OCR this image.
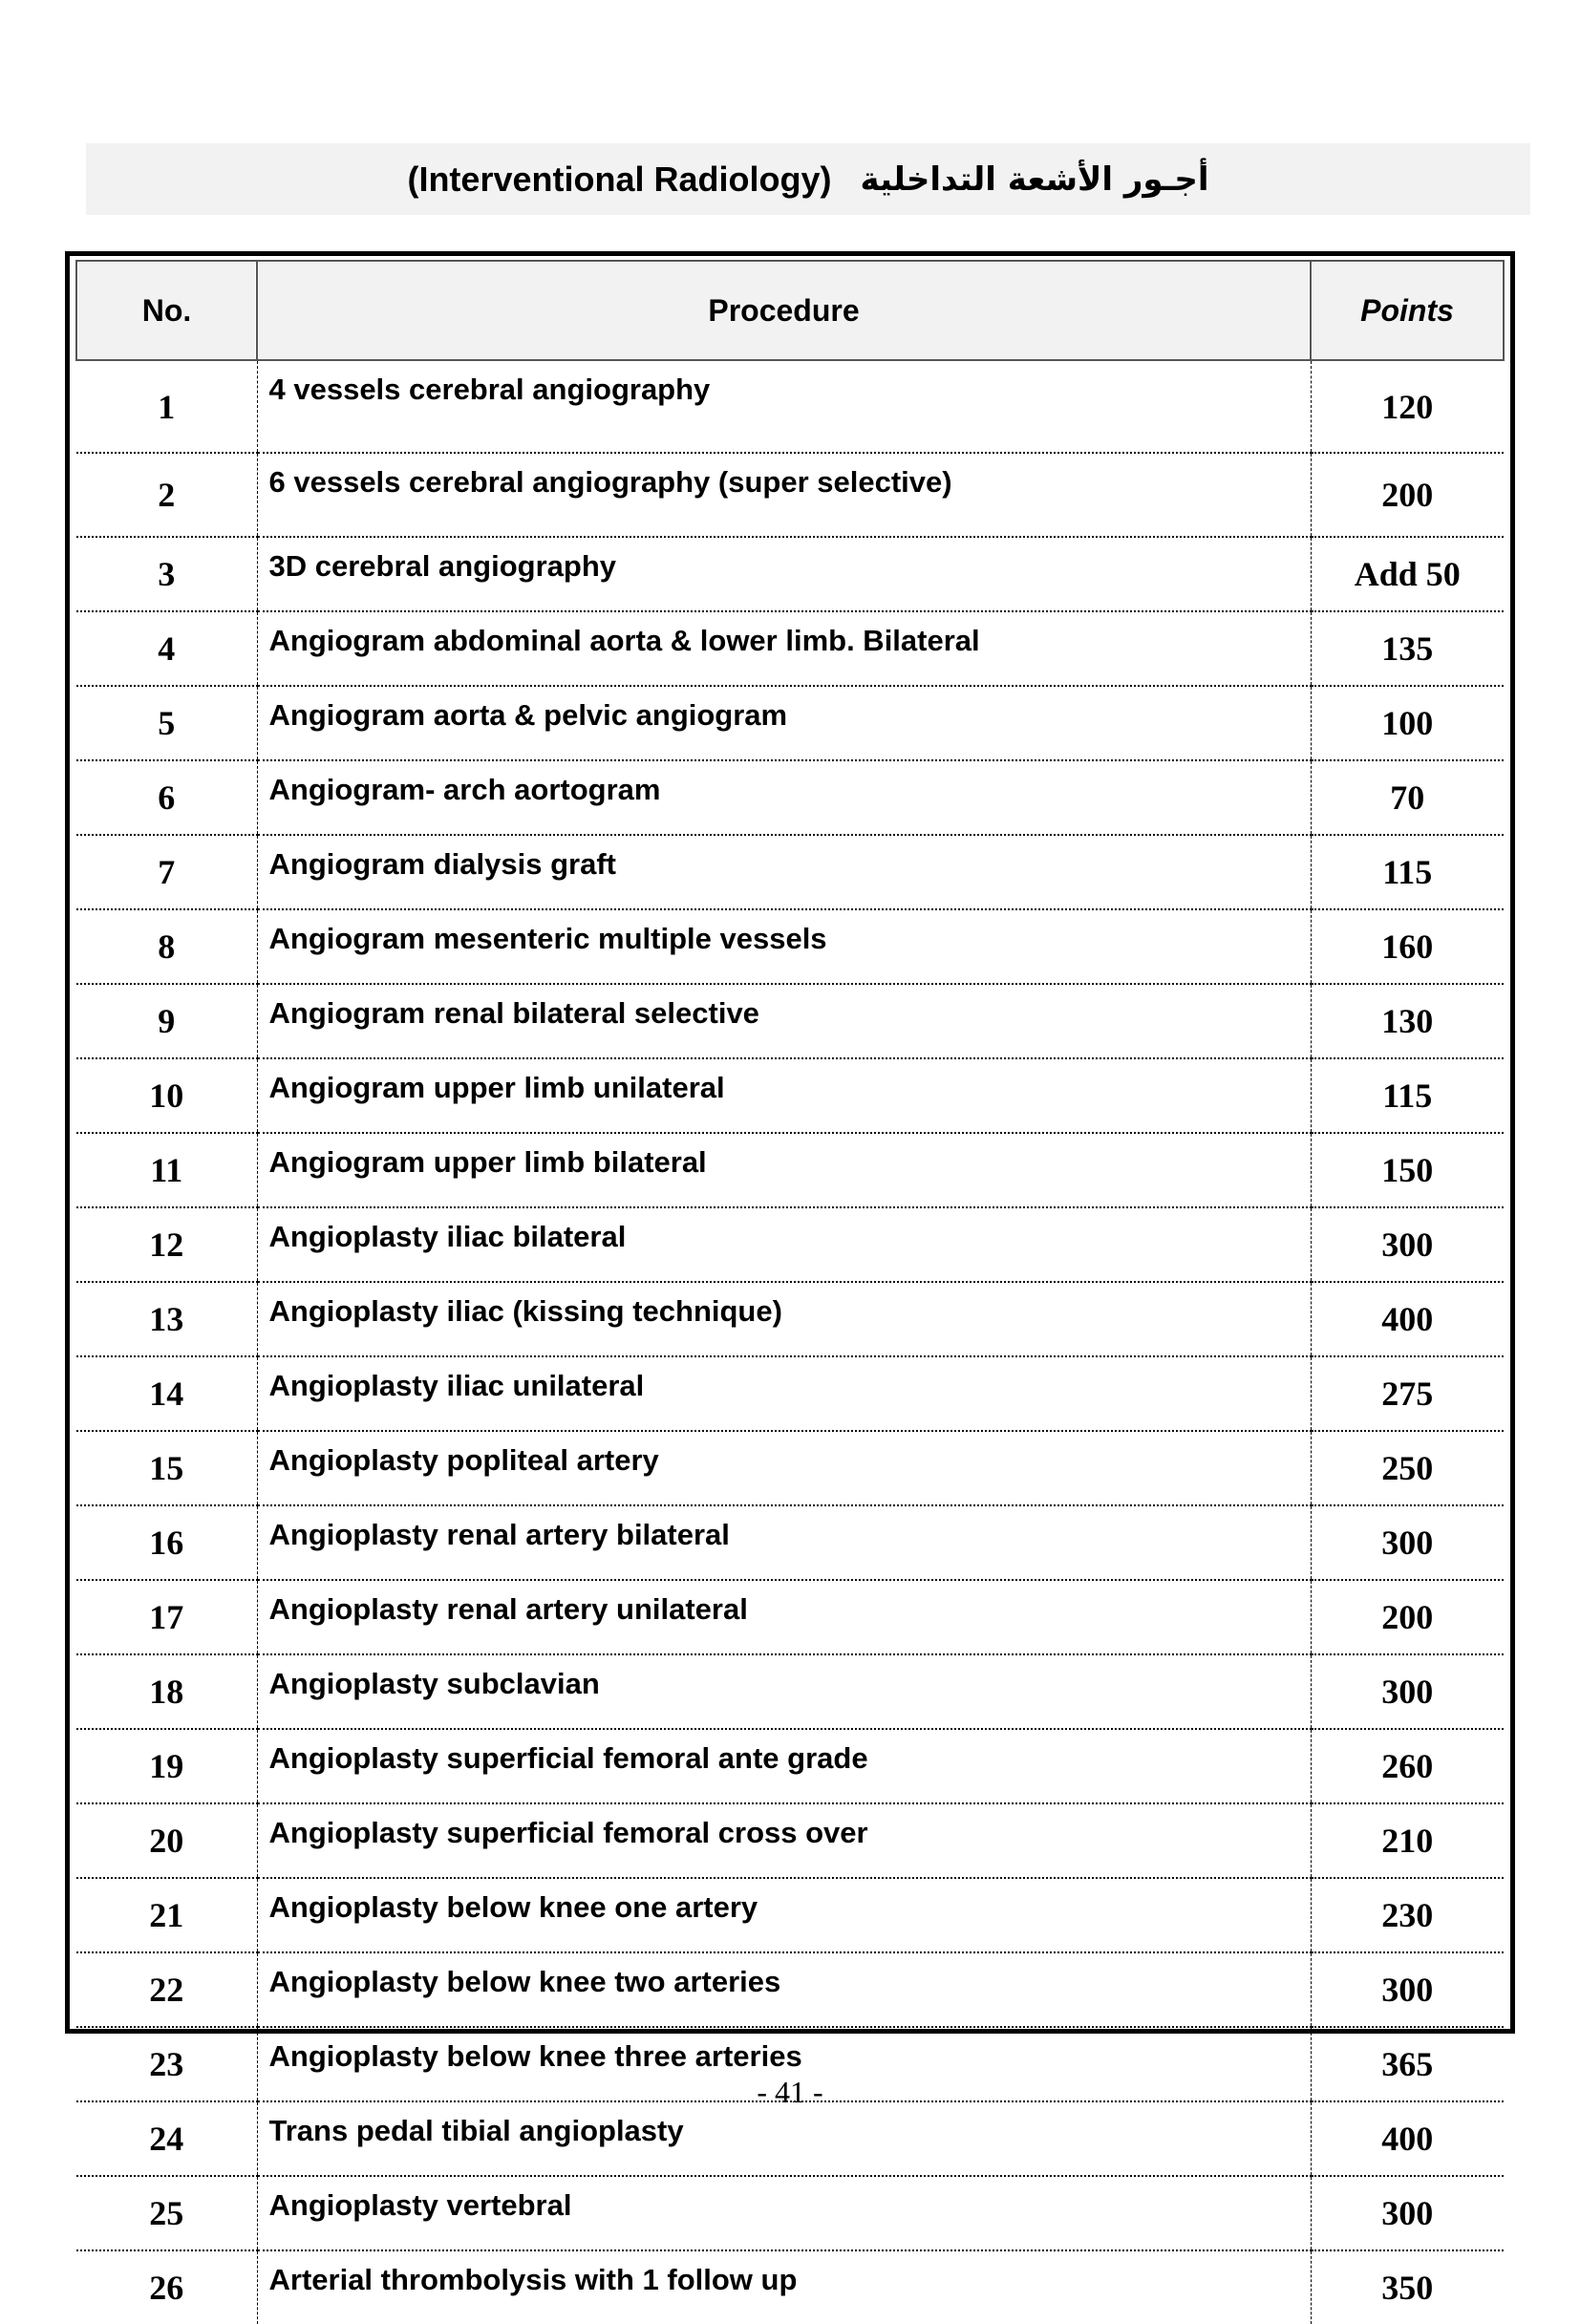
(Interventional Radiology) أجـور الأشعة التداخلية
No.	Procedure	Points
1	4 vessels cerebral angiography	120
2	6 vessels cerebral angiography (super selective)	200
3	3D cerebral angiography	Add 50
4	Angiogram abdominal aorta & lower limb. Bilateral	135
5	Angiogram aorta & pelvic angiogram	100
6	Angiogram- arch aortogram	70
7	Angiogram dialysis graft	115
8	Angiogram mesenteric multiple vessels	160
9	Angiogram renal bilateral selective	130
10	Angiogram upper limb unilateral	115
11	Angiogram upper limb bilateral	150
12	Angioplasty iliac bilateral	300
13	Angioplasty iliac (kissing technique)	400
14	Angioplasty iliac unilateral	275
15	Angioplasty popliteal artery	250
16	Angioplasty renal artery bilateral	300
17	Angioplasty renal artery unilateral	200
18	Angioplasty subclavian	300
19	Angioplasty superficial femoral ante grade	260
20	Angioplasty superficial femoral cross over	210
21	Angioplasty below knee one artery	230
22	Angioplasty below knee two arteries	300
23	Angioplasty below knee three arteries	365
24	Trans pedal tibial angioplasty	400
25	Angioplasty vertebral	300
26	Arterial thrombolysis with 1 follow up	350
- 41 -
